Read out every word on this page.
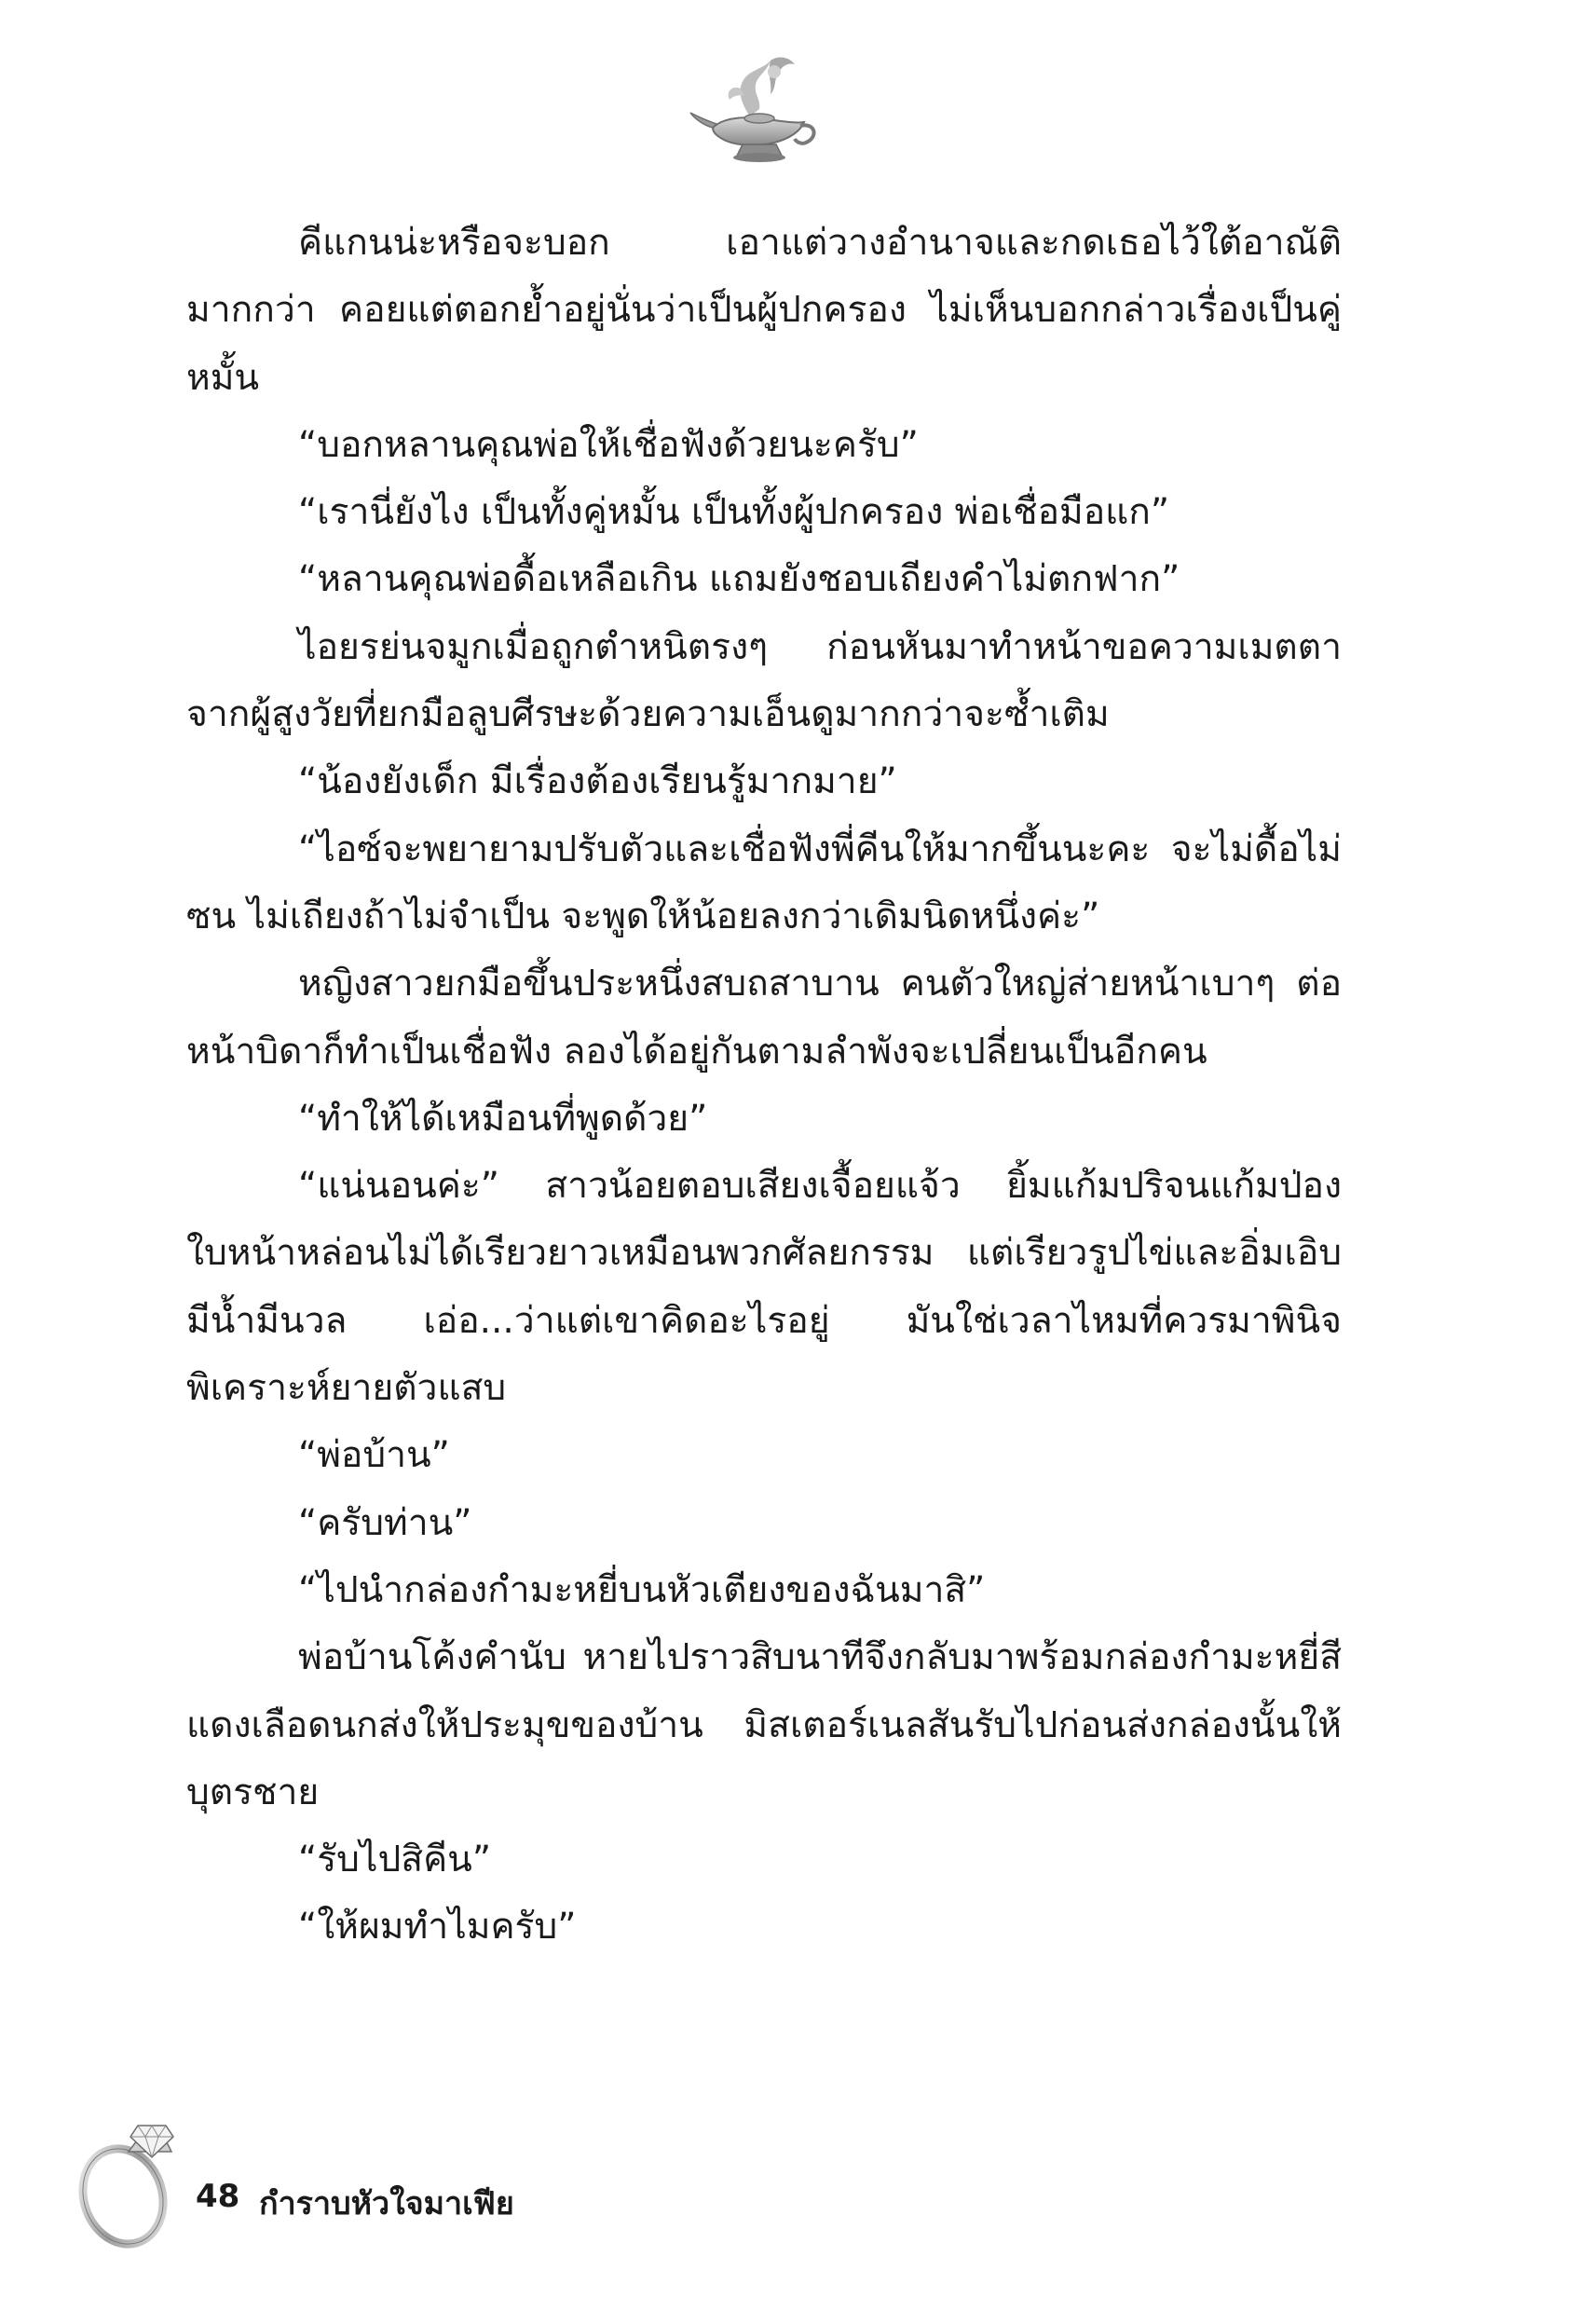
คีแกนน่ะหรือจะบอก เอาแต่วางอำนาจและกดเธอไว้ใต้อาณัติมากกว่า คอยแต่ตอกย้ำอยู่นั่นว่าเป็นผู้ปกครอง ไม่เห็นบอกกล่าวเรื่องเป็นคู่หมั้น

“บอกหลานคุณพ่อให้เชื่อฟังด้วยนะครับ”

“เรานี่ยังไง เป็นทั้งคู่หมั้น เป็นทั้งผู้ปกครอง พ่อเชื่อมือแก”

“หลานคุณพ่อดื้อเหลือเกิน แถมยังชอบเถียงคำไม่ตกฟาก”

ไอยรย่นจมูกเมื่อถูกตำหนิตรงๆ ก่อนหันมาทำหน้าขอความเมตตาจากผู้สูงวัยที่ยกมือลูบศีรษะด้วยความเอ็นดูมากกว่าจะซ้ำเติม

“น้องยังเด็ก มีเรื่องต้องเรียนรู้มากมาย”

“ไอซ์จะพยายามปรับตัวและเชื่อฟังพี่คีนให้มากขึ้นนะคะ จะไม่ดื้อไม่ซน ไม่เถียงถ้าไม่จำเป็น จะพูดให้น้อยลงกว่าเดิมนิดหนึ่งค่ะ”

หญิงสาวยกมือขึ้นประหนึ่งสบถสาบาน คนตัวใหญ่ส่ายหน้าเบาๆ ต่อหน้าบิดาก็ทำเป็นเชื่อฟัง ลองได้อยู่กันตามลำพังจะเปลี่ยนเป็นอีกคน

“ทำให้ได้เหมือนที่พูดด้วย”

“แน่นอนค่ะ” สาวน้อยตอบเสียงเจื้อยแจ้ว ยิ้มแก้มปริจนแก้มป่อง ใบหน้าหล่อนไม่ได้เรียวยาวเหมือนพวกศัลยกรรม แต่เรียวรูปไข่และอิ่มเอิบมีน้ำมีนวล เอ่อ...ว่าแต่เขาคิดอะไรอยู่ มันใช่เวลาไหมที่ควรมาพินิจพิเคราะห์ยายตัวแสบ

“พ่อบ้าน”

“ครับท่าน”

“ไปนำกล่องกำมะหยี่บนหัวเตียงของฉันมาสิ”

พ่อบ้านโค้งคำนับ หายไปราวสิบนาทีจึงกลับมาพร้อมกล่องกำมะหยี่สีแดงเลือดนกส่งให้ประมุขของบ้าน มิสเตอร์เนลสันรับไปก่อนส่งกล่องนั้นให้บุตรชาย

“รับไปสิคีน”

“ให้ผมทำไมครับ”

48 กำราบหัวใจมาเฟีย
